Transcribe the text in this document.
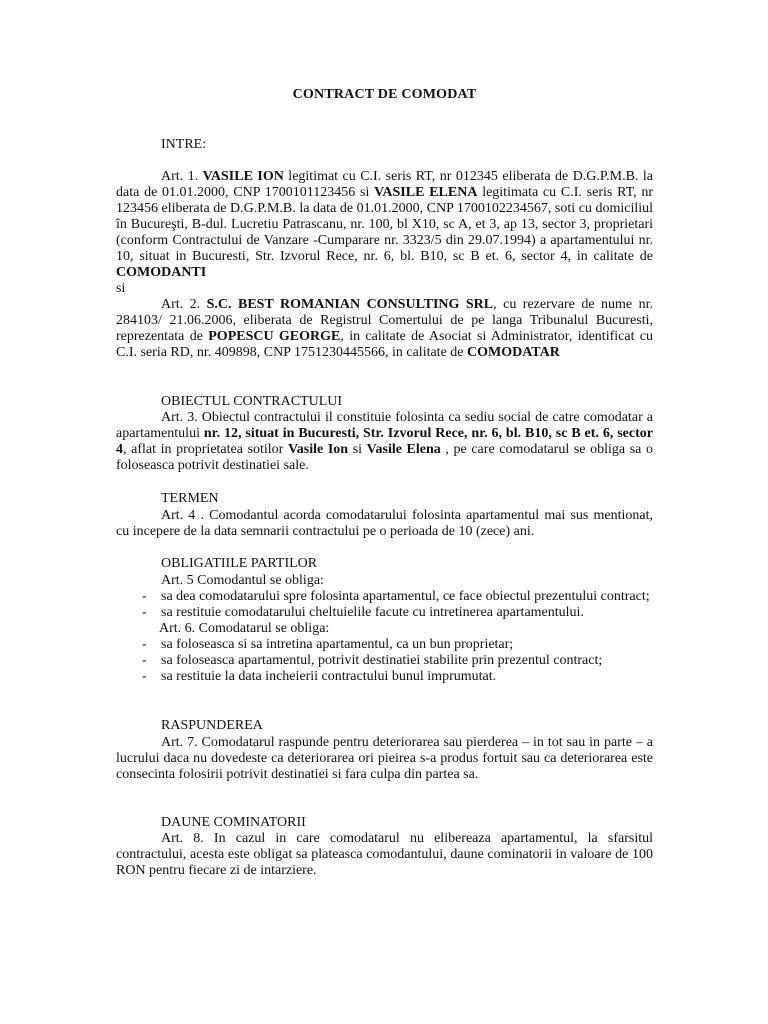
CONTRACT DE COMODAT
INTRE:

Art. 1. VASILE ION legitimat cu C.I. seris RT, nr 012345 eliberata de D.G.P.M.B. la data de 01.01.2000, CNP 1700101123456 si VASILE ELENA legitimata cu C.I. seris RT, nr 123456 eliberata de D.G.P.M.B. la data de 01.01.2000, CNP 1700102234567, soti cu domiciliul în Bucureşti, B-dul. Lucretiu Patrascanu, nr. 100, bl X10, sc A, et 3, ap 13, sector 3, proprietari (conform Contractului de Vanzare -Cumparare nr. 3323/5 din 29.07.1994) a apartamentului nr. 10, situat in Bucuresti, Str. Izvorul Rece, nr. 6, bl. B10, sc B et. 6, sector 4, in calitate de COMODANTI

si

Art. 2. S.C. BEST ROMANIAN CONSULTING SRL, cu rezervare de nume nr. 284103/ 21.06.2006, eliberata de Registrul Comertului de pe langa Tribunalul Bucuresti, reprezentata de POPESCU GEORGE, in calitate de Asociat si Administrator, identificat cu C.I. seria RD, nr. 409898, CNP 1751230445566, in calitate de COMODATAR

OBIECTUL CONTRACTULUI

Art. 3. Obiectul contractului il constituie folosinta ca sediu social de catre comodatar a apartamentului nr. 12, situat in Bucuresti, Str. Izvorul Rece, nr. 6, bl. B10, sc B et. 6, sector 4, aflat in proprietatea sotilor Vasile Ion si Vasile Elena , pe care comodatarul se obliga sa o foloseasca potrivit destinatiei sale.

TERMEN

Art. 4 . Comodantul acorda comodatarului folosinta apartamentul mai sus mentionat, cu incepere de la data semnarii contractului pe o perioada de 10 (zece) ani.

OBLIGATIILE PARTILOR

Art. 5 Comodantul se obliga:

- sa dea comodatarului spre folosinta apartamentul, ce face obiectul prezentului contract;
- sa restituie comodatarului cheltuielile facute cu intretinerea apartamentului.

Art. 6. Comodatarul se obliga:

- sa foloseasca si sa intretina apartamentul, ca un bun proprietar;
- sa foloseasca apartamentul, potrivit destinatiei stabilite prin prezentul contract;
- sa restituie la data incheierii contractului bunul imprumutat.
RASPUNDEREA

Art. 7. Comodatarul raspunde pentru deteriorarea sau pierderea – in tot sau in parte – a lucrului daca nu dovedeste ca deteriorarea ori pieirea s-a produs fortuit sau ca deteriorarea este consecinta folosirii potrivit destinatiei si fara culpa din partea sa.

DAUNE COMINATORII

Art. 8. In cazul in care comodatarul nu elibereaza apartamentul, la sfarsitul contractului, acesta este obligat sa plateasca comodantului, daune cominatorii in valoare de 100 RON pentru fiecare zi de intarziere.
